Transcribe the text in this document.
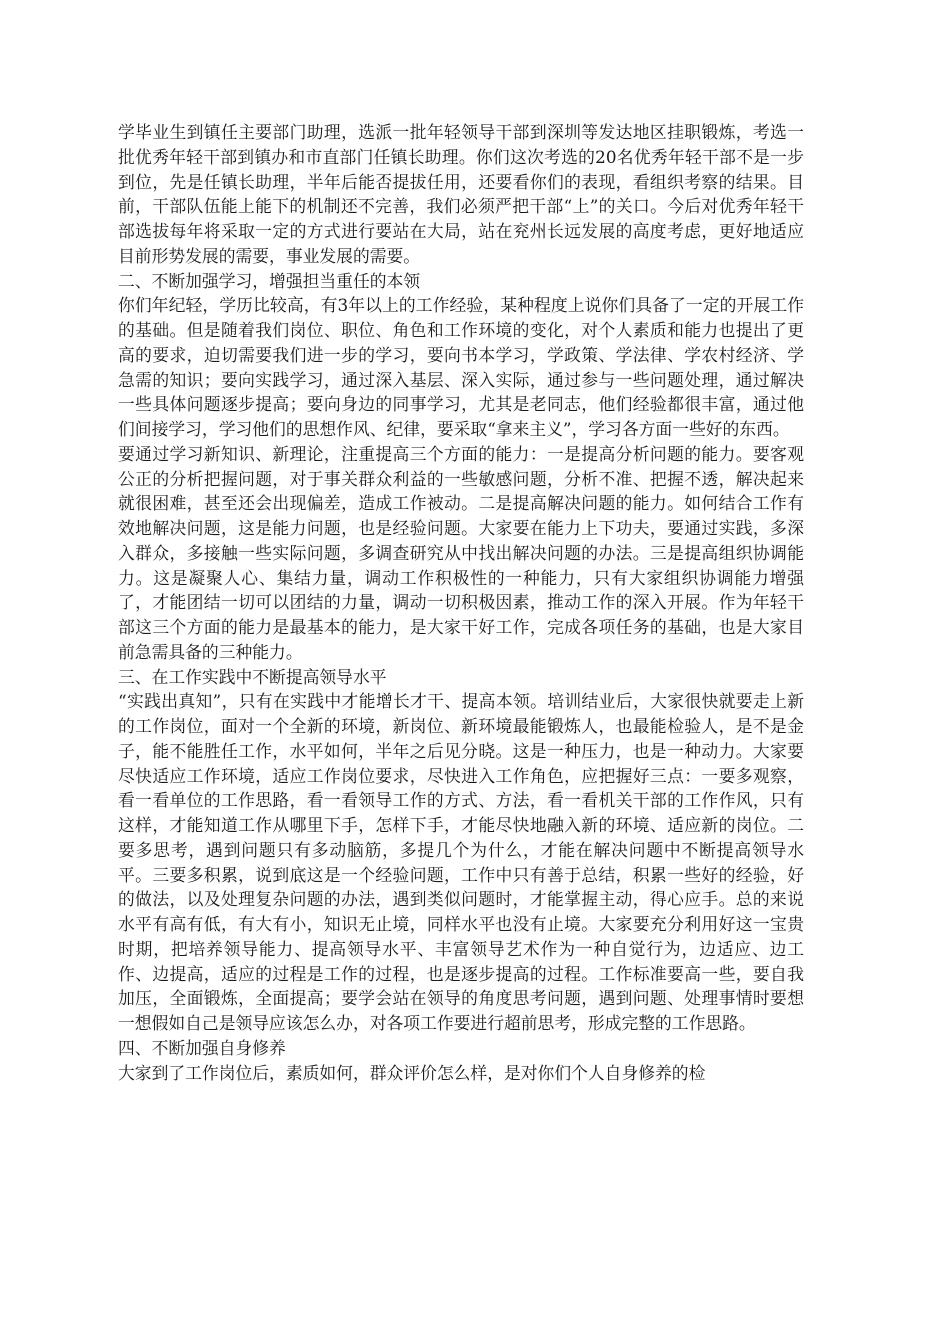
学毕业生到镇任主要部门助理，选派一批年轻领导干部到深圳等发达地区挂职锻炼，考选一批优秀年轻干部到镇办和市直部门任镇长助理。你们这次考选的20名优秀年轻干部不是一步到位，先是任镇长助理，半年后能否提拔任用，还要看你们的表现，看组织考察的结果。目前，干部队伍能上能下的机制还不完善，我们必须严把干部“上”的关口。今后对优秀年轻干部选拔每年将采取一定的方式进行要站在大局，站在兖州长远发展的高度考虑，更好地适应目前形势发展的需要，事业发展的需要。

二、不断加强学习，增强担当重任的本领

你们年纪轻，学历比较高，有3年以上的工作经验，某种程度上说你们具备了一定的开展工作的基础。但是随着我们岗位、职位、角色和工作环境的变化，对个人素质和能力也提出了更高的要求，迫切需要我们进一步的学习，要向书本学习，学政策、学法律、学农村经济、学急需的知识；要向实践学习，通过深入基层、深入实际，通过参与一些问题处理，通过解决一些具体问题逐步提高；要向身边的同事学习，尤其是老同志，他们经验都很丰富，通过他们间接学习，学习他们的思想作风、纪律，要采取“拿来主义”，学习各方面一些好的东西。

要通过学习新知识、新理论，注重提高三个方面的能力：一是提高分析问题的能力。要客观公正的分析把握问题，对于事关群众利益的一些敏感问题，分析不准、把握不透，解决起来就很困难，甚至还会出现偏差，造成工作被动。二是提高解决问题的能力。如何结合工作有效地解决问题，这是能力问题，也是经验问题。大家要在能力上下功夫，要通过实践，多深入群众，多接触一些实际问题，多调查研究从中找出解决问题的办法。三是提高组织协调能力。这是凝聚人心、集结力量，调动工作积极性的一种能力，只有大家组织协调能力增强了，才能团结一切可以团结的力量，调动一切积极因素，推动工作的深入开展。作为年轻干部这三个方面的能力是最基本的能力，是大家干好工作，完成各项任务的基础，也是大家目前急需具备的三种能力。

三、在工作实践中不断提高领导水平

“实践出真知”，只有在实践中才能增长才干、提高本领。培训结业后，大家很快就要走上新的工作岗位，面对一个全新的环境，新岗位、新环境最能锻炼人，也最能检验人，是不是金子，能不能胜任工作，水平如何，半年之后见分晓。这是一种压力，也是一种动力。大家要尽快适应工作环境，适应工作岗位要求，尽快进入工作角色，应把握好三点：一要多观察，看一看单位的工作思路，看一看领导工作的方式、方法，看一看机关干部的工作作风，只有这样，才能知道工作从哪里下手，怎样下手，才能尽快地融入新的环境、适应新的岗位。二要多思考，遇到问题只有多动脑筋，多提几个为什么，才能在解决问题中不断提高领导水平。三要多积累，说到底这是一个经验问题，工作中只有善于总结，积累一些好的经验，好的做法，以及处理复杂问题的办法，遇到类似问题时，才能掌握主动，得心应手。总的来说水平有高有低，有大有小，知识无止境，同样水平也没有止境。大家要充分利用好这一宝贵时期，把培养领导能力、提高领导水平、丰富领导艺术作为一种自觉行为，边适应、边工作、边提高，适应的过程是工作的过程，也是逐步提高的过程。工作标准要高一些，要自我加压，全面锻炼，全面提高；要学会站在领导的角度思考问题，遇到问题、处理事情时要想一想假如自己是领导应该怎么办，对各项工作要进行超前思考，形成完整的工作思路。

四、不断加强自身修养

大家到了工作岗位后，素质如何，群众评价怎么样，是对你们个人自身修养的检
